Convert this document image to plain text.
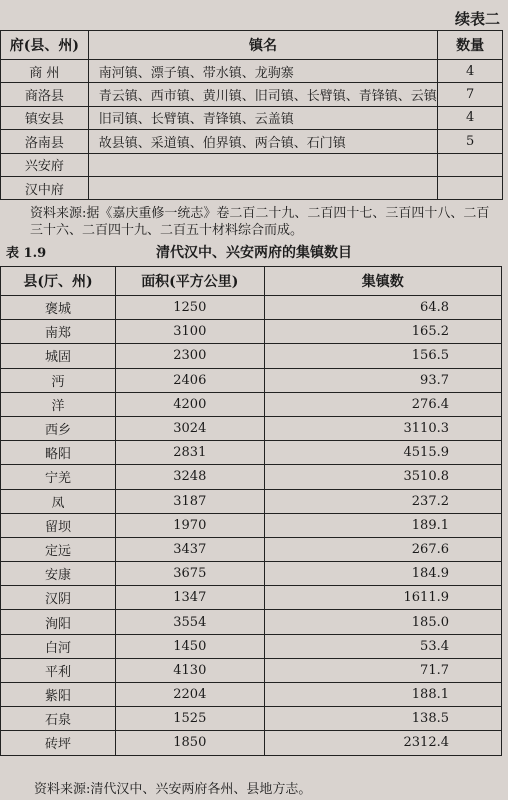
续表二
府(县、州)	镇名	数量
商 州	南河镇、漂子镇、带水镇、龙驹寨	4
商洛县	青云镇、西市镇、黄川镇、旧司镇、长臂镇、青锋镇、云镇	7
镇安县	旧司镇、长臂镇、青锋镇、云盖镇	4
洛南县	故县镇、采道镇、伯界镇、两合镇、石门镇	5
兴安府		
汉中府		
资料来源:据《嘉庆重修一统志》卷二百二十九、二百四十七、三百四十八、二百三十六、二百四十九、二百五十材料综合而成。
清代汉中、兴安两府的集镇数目
表 1.9
县(厅、州)	面积(平方公里)	集镇数
褒城	1250	64.8
南郑	3100	165.2
城固	2300	156.5
沔	2406	93.7
洋	4200	276.4
西乡	3024	3110.3
略阳	2831	4515.9
宁羌	3248	3510.8
凤	3187	237.2
留坝	1970	189.1
定远	3437	267.6
安康	3675	184.9
汉阴	1347	1611.9
洵阳	3554	185.0
白河	1450	53.4
平利	4130	71.7
紫阳	2204	188.1
石泉	1525	138.5
砖坪	1850	2312.4
资料来源:清代汉中、兴安两府各州、县地方志。
